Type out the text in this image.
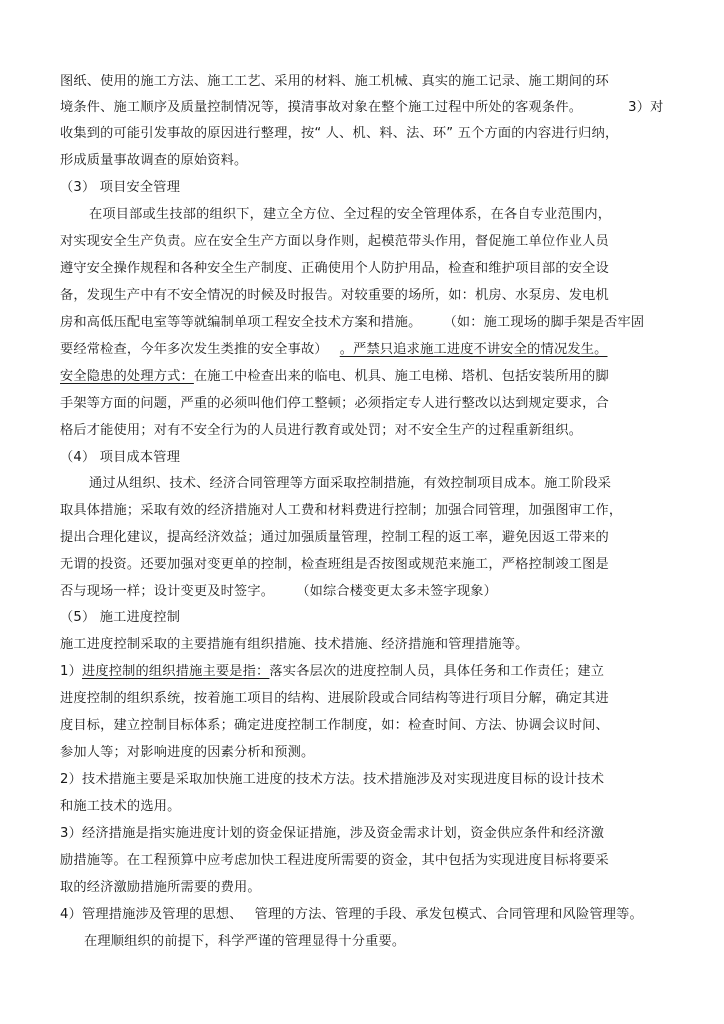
图纸、使用的施工方法、施工工艺、采用的材料、施工机械、真实的施工记录、施工期间的环
境条件、施工顺序及质量控制情况等，摸清事故对象在整个施工过程中所处的客观条件。	3）对
收集到的可能引发事故的原因进行整理，按“ 人、机、料、法、环” 五个方面的内容进行归纳，
形成质量事故调查的原始资料。
（3） 项目安全管理
在项目部或生技部的组织下，建立全方位、全过程的安全管理体系，在各自专业范围内，
对实现安全生产负责。应在安全生产方面以身作则，起模范带头作用，督促施工单位作业人员
遵守安全操作规程和各种安全生产制度、正确使用个人防护用品，检查和维护项目部的安全设
备，发现生产中有不安全情况的时候及时报告。对较重要的场所，如：机房、水泵房、发电机
房和高低压配电室等等就编制单项工程安全技术方案和措施。 （如：施工现场的脚手架是否牢固
要经常检查，今年多次发生类推的安全事故） 。严禁只追求施工进度不讲安全的情况发生。
安全隐患的处理方式：在施工中检查出来的临电、机具、施工电梯、塔机、包括安装所用的脚
手架等方面的问题，严重的必须叫他们停工整顿；必须指定专人进行整改以达到规定要求，合
格后才能使用；对有不安全行为的人员进行教育或处罚；对不安全生产的过程重新组织。
（4） 项目成本管理
通过从组织、技术、经济合同管理等方面采取控制措施，有效控制项目成本。施工阶段采
取具体措施；采取有效的经济措施对人工费和材料费进行控制；加强合同管理，加强图审工作，
提出合理化建议，提高经济效益；通过加强质量管理，控制工程的返工率，避免因返工带来的
无谓的投资。还要加强对变更单的控制，检查班组是否按图或规范来施工，严格控制竣工图是
否与现场一样；设计变更及时签字。 （如综合楼变更太多未签字现象）
（5） 施工进度控制
施工进度控制采取的主要措施有组织措施、技术措施、经济措施和管理措施等。
1）进度控制的组织措施主要是指：落实各层次的进度控制人员，具体任务和工作责任；建立
进度控制的组织系统，按着施工项目的结构、进展阶段或合同结构等进行项目分解，确定其进
度目标，建立控制目标体系；确定进度控制工作制度，如：检查时间、方法、协调会议时间、
参加人等；对影响进度的因素分析和预测。
2）技术措施主要是采取加快施工进度的技术方法。技术措施涉及对实现进度目标的设计技术
和施工技术的选用。
3）经济措施是指实施进度计划的资金保证措施，涉及资金需求计划，资金供应条件和经济激
励措施等。在工程预算中应考虑加快工程进度所需要的资金，其中包括为实现进度目标将要采
取的经济激励措施所需要的费用。
4）管理措施涉及管理的思想、 管理的方法、管理的手段、承发包模式、合同管理和风险管理等。
在理顺组织的前提下，科学严谨的管理显得十分重要。
